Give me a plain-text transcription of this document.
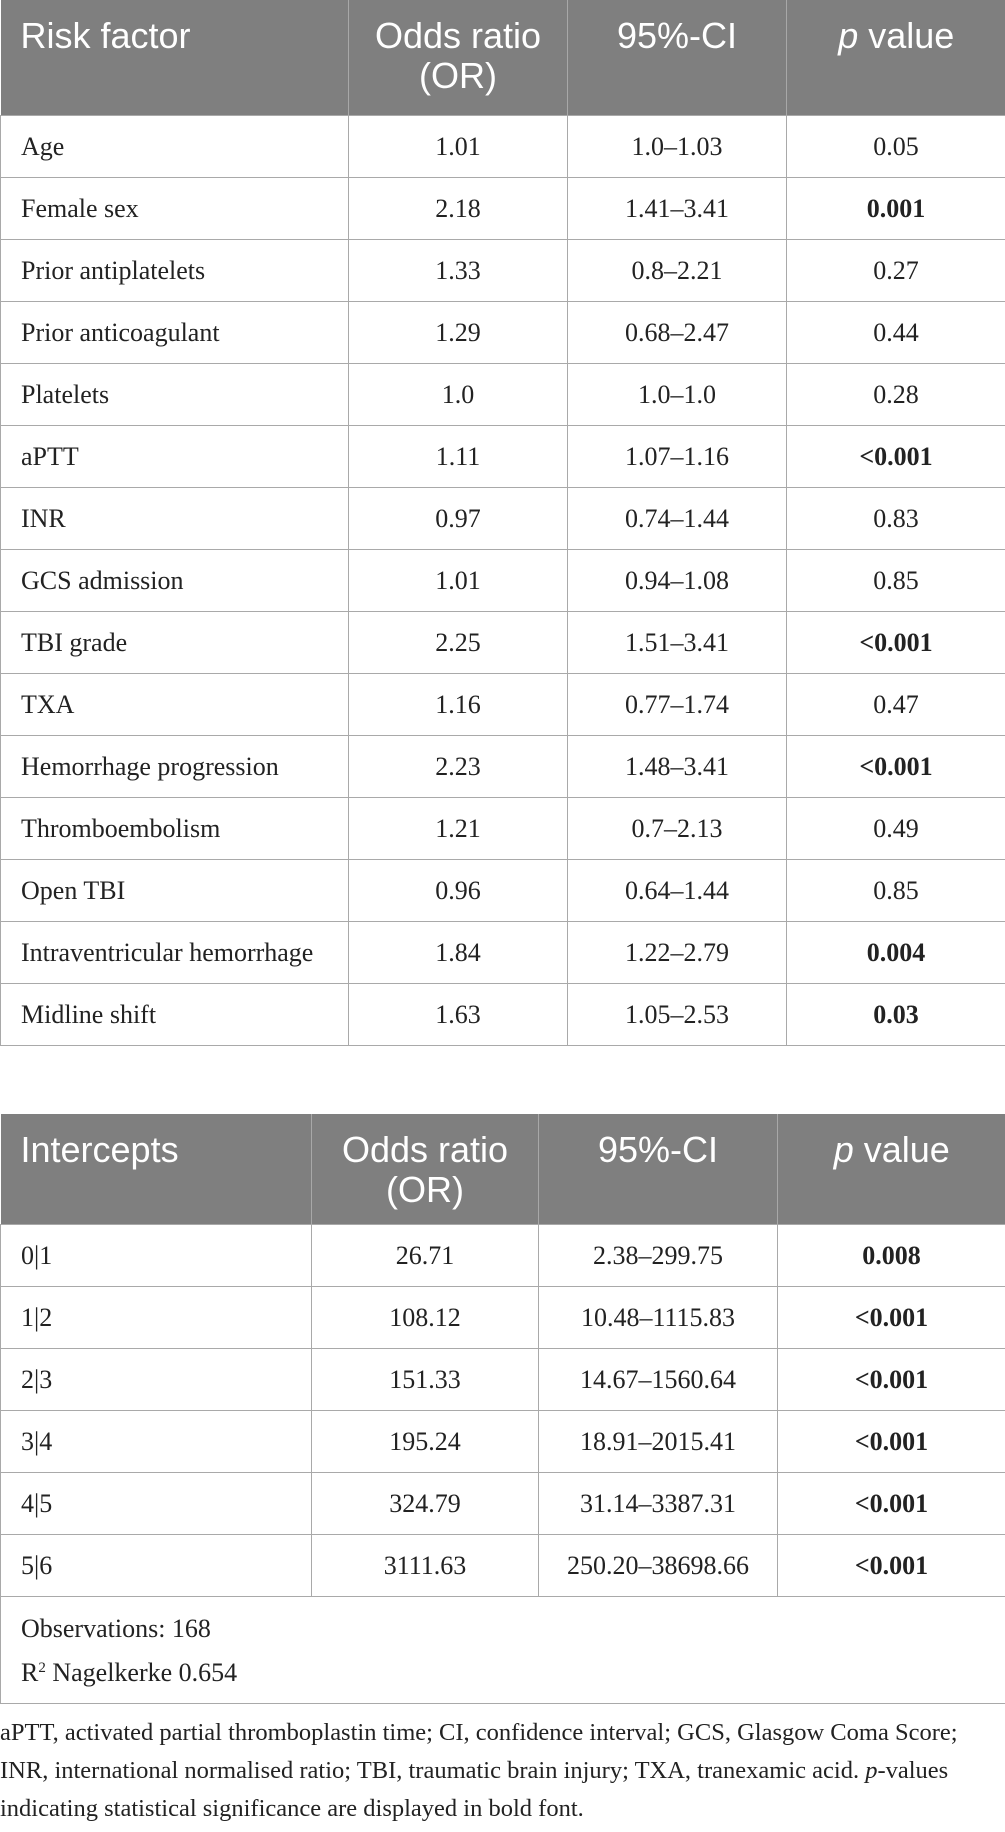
Risk factor	Odds ratio (OR)	95%-CI	p value
Age	1.01	1.0–1.03	0.05
Female sex	2.18	1.41–3.41	0.001
Prior antiplatelets	1.33	0.8–2.21	0.27
Prior anticoagulant	1.29	0.68–2.47	0.44
Platelets	1.0	1.0–1.0	0.28
aPTT	1.11	1.07–1.16	<0.001
INR	0.97	0.74–1.44	0.83
GCS admission	1.01	0.94–1.08	0.85
TBI grade	2.25	1.51–3.41	<0.001
TXA	1.16	0.77–1.74	0.47
Hemorrhage progression	2.23	1.48–3.41	<0.001
Thromboembolism	1.21	0.7–2.13	0.49
Open TBI	0.96	0.64–1.44	0.85
Intraventricular hemorrhage	1.84	1.22–2.79	0.004
Midline shift	1.63	1.05–2.53	0.03
Intercepts	Odds ratio (OR)	95%-CI	p value
0|1	26.71	2.38–299.75	0.008
1|2	108.12	10.48–1115.83	<0.001
2|3	151.33	14.67–1560.64	<0.001
3|4	195.24	18.91–2015.41	<0.001
4|5	324.79	31.14–3387.31	<0.001
5|6	3111.63	250.20–38698.66	<0.001

Observations: 168
$R^2$ Nagelkerke 0.654			
aPTT, activated partial thromboplastin time; CI, confidence interval; GCS, Glasgow Coma Score; INR, international normalised ratio; TBI, traumatic brain injury; TXA, tranexamic acid. p-values indicating statistical significance are displayed in bold font.
